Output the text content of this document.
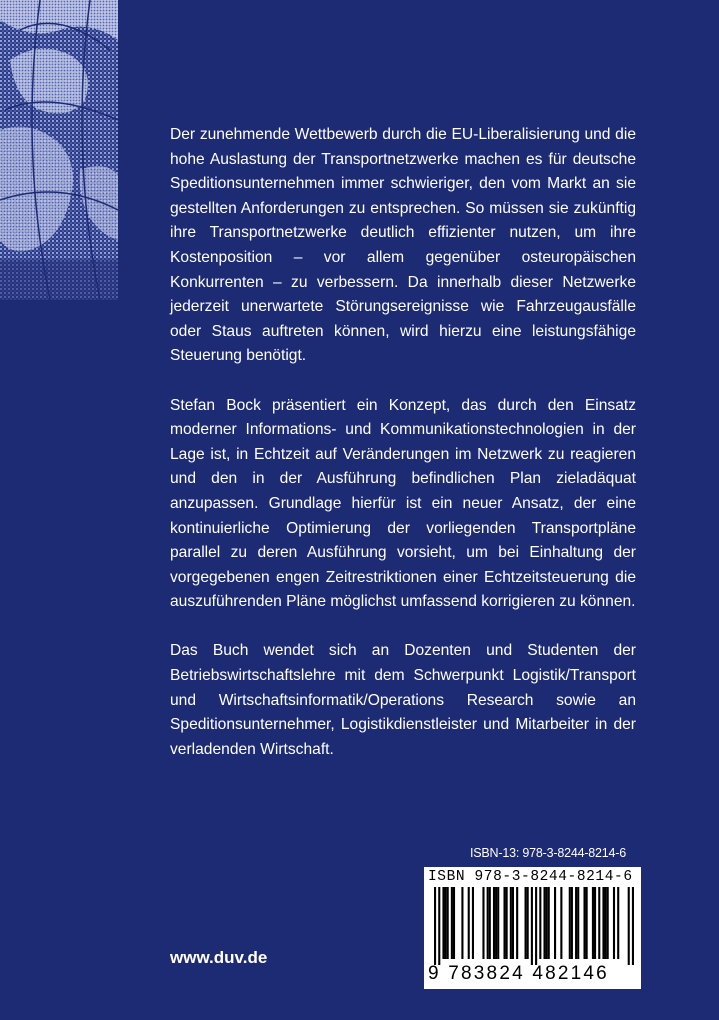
Der zunehmende Wettbewerb durch die EU-Liberalisierung und die hohe Auslastung der Transportnetzwerke machen es für deutsche Speditionsunternehmen immer schwieriger, den vom Markt an sie gestellten Anforderungen zu entsprechen. So müssen sie zukünftig ihre Transportnetzwerke deutlich effizienter nutzen, um ihre Kostenposition – vor allem gegenüber osteuropäischen Konkurrenten – zu verbessern. Da innerhalb dieser Netzwerke jederzeit unerwartete Störungsereignisse wie Fahrzeugausfälle oder Staus auftreten können, wird hierzu eine leistungsfähige Steuerung benötigt.

Stefan Bock präsentiert ein Konzept, das durch den Einsatz moderner Informations- und Kommunikationstechnologien in der Lage ist, in Echtzeit auf Veränderungen im Netzwerk zu reagieren und den in der Ausführung befindlichen Plan zieladäquat anzupassen. Grundlage hierfür ist ein neuer Ansatz, der eine kontinuierliche Optimierung der vorliegenden Transportpläne parallel zu deren Ausführung vorsieht, um bei Einhaltung der vorgegebenen engen Zeitrestriktionen einer Echtzeitsteuerung die auszuführenden Pläne möglichst umfassend korrigieren zu können.

Das Buch wendet sich an Dozenten und Studenten der Betriebswirtschaftslehre mit dem Schwerpunkt Logistik/Transport und Wirtschaftsinformatik/Operations Research sowie an Speditionsunternehmer, Logistikdienstleister und Mitarbeiter in der verladenden Wirtschaft.

ISBN-13: 978-3-8244-8214-6
ISBN 978-3-8244-8214-6
9 783824 482146
www.duv.de
